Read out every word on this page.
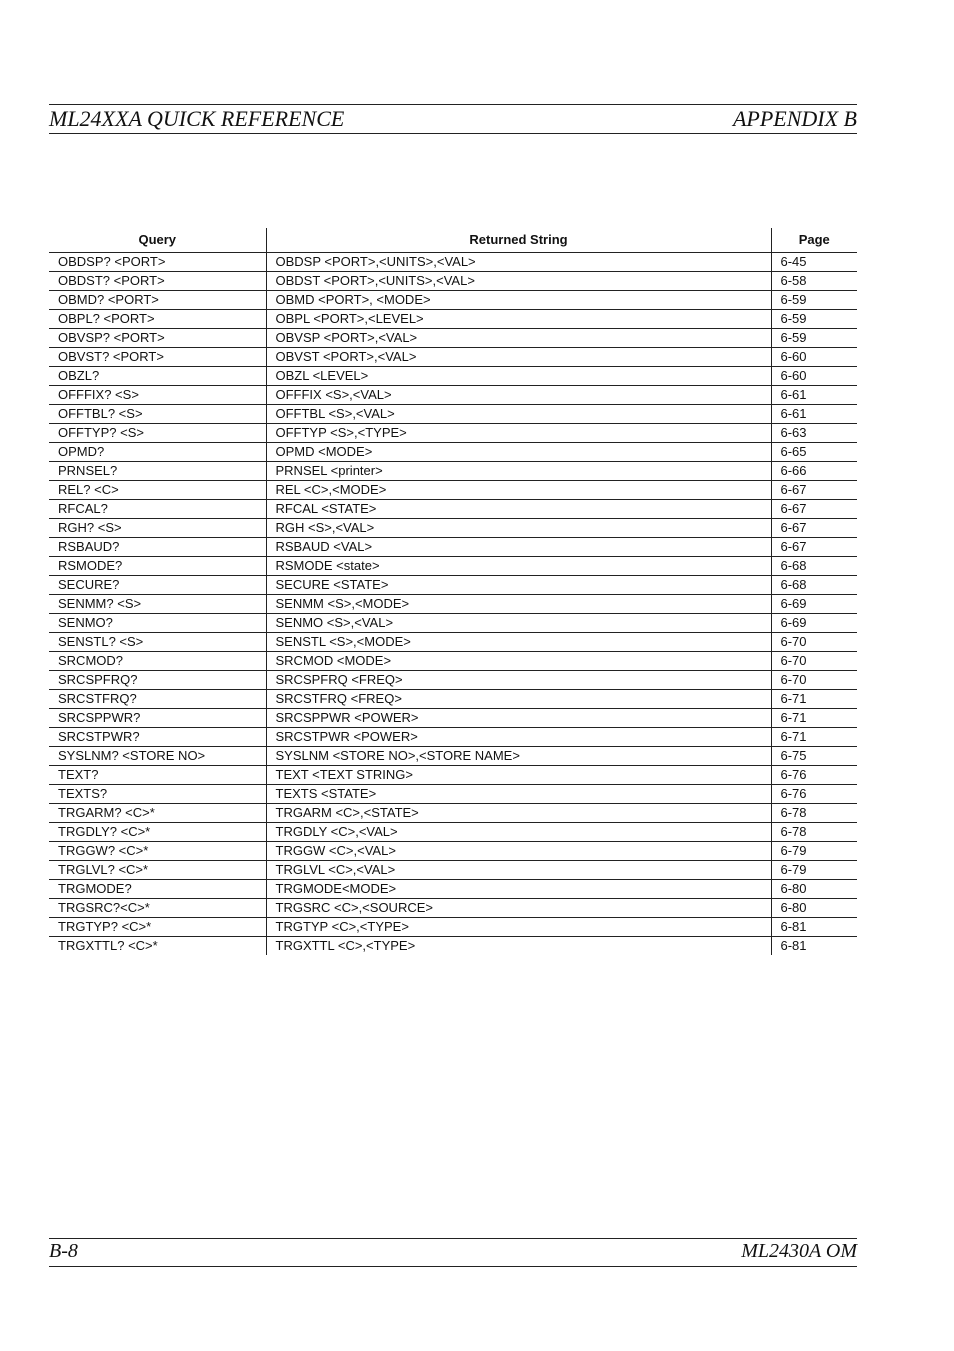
ML24XXA QUICK REFERENCE	APPENDIX B
Query	Returned String	Page
OBDSP? <PORT>	OBDSP <PORT>,<UNITS>,<VAL>	6-45
OBDST? <PORT>	OBDST <PORT>,<UNITS>,<VAL>	6-58
OBMD? <PORT>	OBMD <PORT>, <MODE>	6-59
OBPL? <PORT>	OBPL <PORT>,<LEVEL>	6-59
OBVSP? <PORT>	OBVSP <PORT>,<VAL>	6-59
OBVST? <PORT>	OBVST <PORT>,<VAL>	6-60
OBZL?	OBZL <LEVEL>	6-60
OFFFIX? <S>	OFFFIX <S>,<VAL>	6-61
OFFTBL? <S>	OFFTBL <S>,<VAL>	6-61
OFFTYP? <S>	OFFTYP <S>,<TYPE>	6-63
OPMD?	OPMD <MODE>	6-65
PRNSEL?	PRNSEL <printer>	6-66
REL? <C>	REL <C>,<MODE>	6-67
RFCAL?	RFCAL <STATE>	6-67
RGH? <S>	RGH <S>,<VAL>	6-67
RSBAUD?	RSBAUD <VAL>	6-67
RSMODE?	RSMODE <state>	6-68
SECURE?	SECURE <STATE>	6-68
SENMM? <S>	SENMM <S>,<MODE>	6-69
SENMO?	SENMO <S>,<VAL>	6-69
SENSTL? <S>	SENSTL <S>,<MODE>	6-70
SRCMOD?	SRCMOD <MODE>	6-70
SRCSPFRQ?	SRCSPFRQ <FREQ>	6-70
SRCSTFRQ?	SRCSTFRQ <FREQ>	6-71
SRCSPPWR?	SRCSPPWR <POWER>	6-71
SRCSTPWR?	SRCSTPWR <POWER>	6-71
SYSLNM? <STORE NO>	SYSLNM <STORE NO>,<STORE NAME>	6-75
TEXT?	TEXT <TEXT STRING>	6-76
TEXTS?	TEXTS <STATE>	6-76
TRGARM? <C>*	TRGARM <C>,<STATE>	6-78
TRGDLY? <C>*	TRGDLY <C>,<VAL>	6-78
TRGGW? <C>*	TRGGW <C>,<VAL>	6-79
TRGLVL? <C>*	TRGLVL <C>,<VAL>	6-79
TRGMODE?	TRGMODE<MODE>	6-80
TRGSRC?<C>*	TRGSRC <C>,<SOURCE>	6-80
TRGTYP? <C>*	TRGTYP <C>,<TYPE>	6-81
TRGXTTL? <C>*	TRGXTTL <C>,<TYPE>	6-81
B-8	ML2430A OM
